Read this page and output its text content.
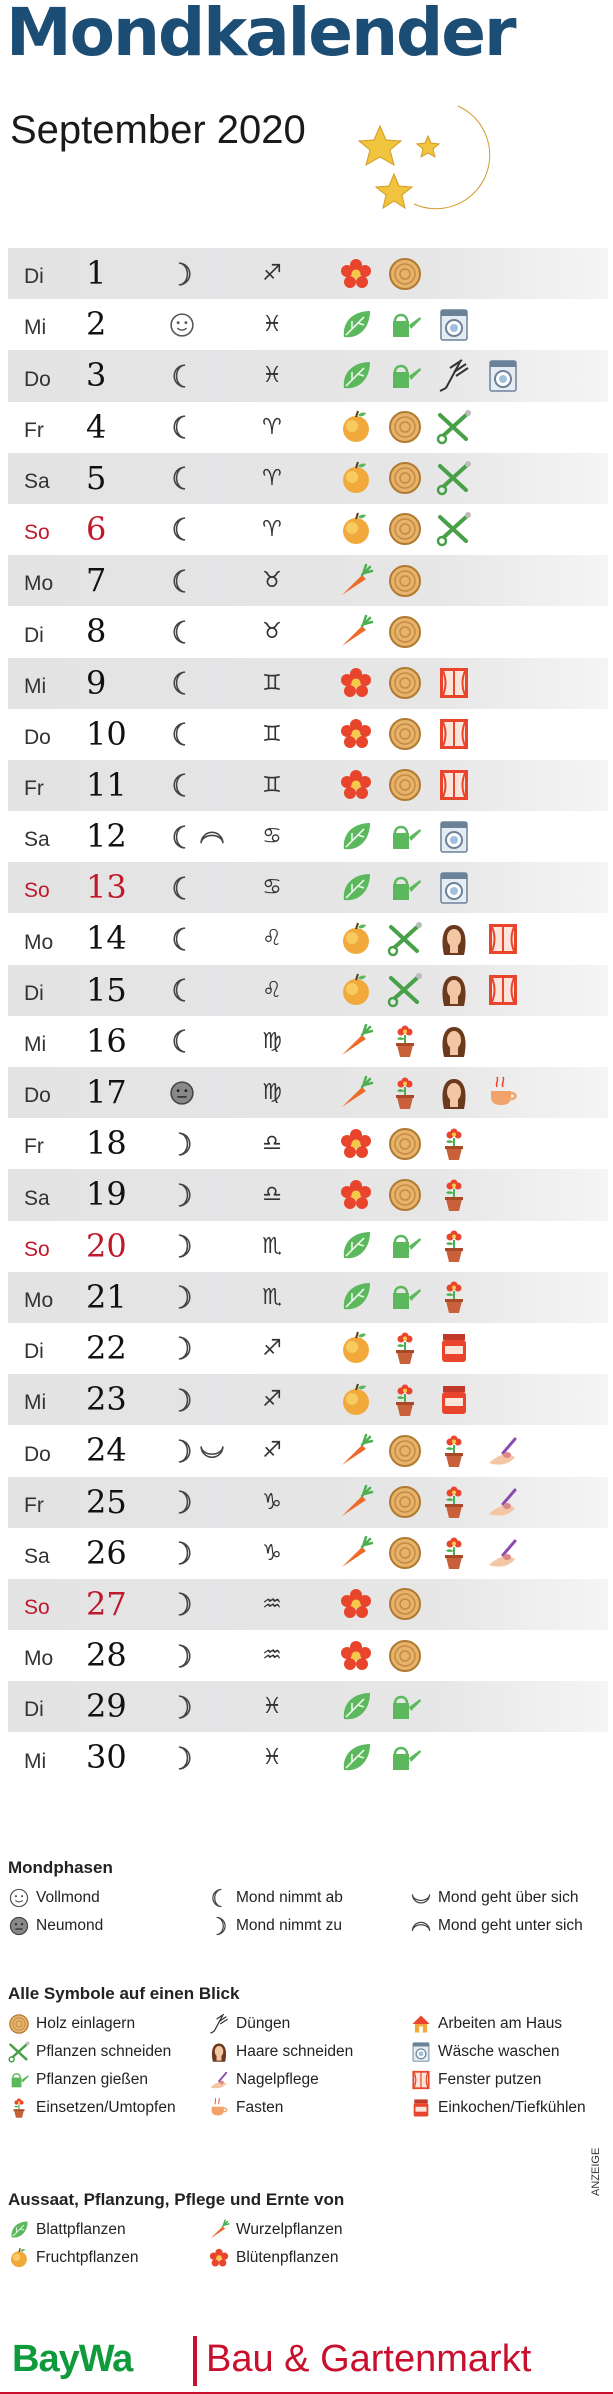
Mondkalender
September 2020
Di 1	♐
Mi 2	♓
Do 3	♓
Fr 4	♈
Sa 5	♈
So 6	♈
Mo 7	♉
Di 8	♉
Mi 9	♊
Do 10	♊
Fr 11	♊
Sa 12	♋
So 13	♋
Mo 14	♌
Di 15	♌
Mi 16	♍
Do 17	♍
Fr 18	♎
Sa 19	♎
So 20	♏
Mo 21	♏
Di 22	♐
Mi 23	♐
Do 24	♐
Fr 25	♑
Sa 26	♑
So 27	♒
Mo 28	♒
Di 29	♓
Mi 30	♓
Mondphasen
Vollmond	Mond nimmt ab	Mond geht über sich
Neumond	Mond nimmt zu	Mond geht unter sich
Alle Symbole auf einen Blick
Holz einlagern	Düngen	Arbeiten am Haus
Pflanzen schneiden	Haare schneiden	Wäsche waschen
Pflanzen gießen	Nagelpflege	Fenster putzen
Einsetzen/Umtopfen	Fasten	Einkochen/Tiefkühlen
Aussaat, Pflanzung, Pflege und Ernte von
Blattpflanzen	Wurzelpflanzen
Fruchtpflanzen	Blütenpflanzen
ANZEIGE
BayWa Bau & Gartenmarkt
